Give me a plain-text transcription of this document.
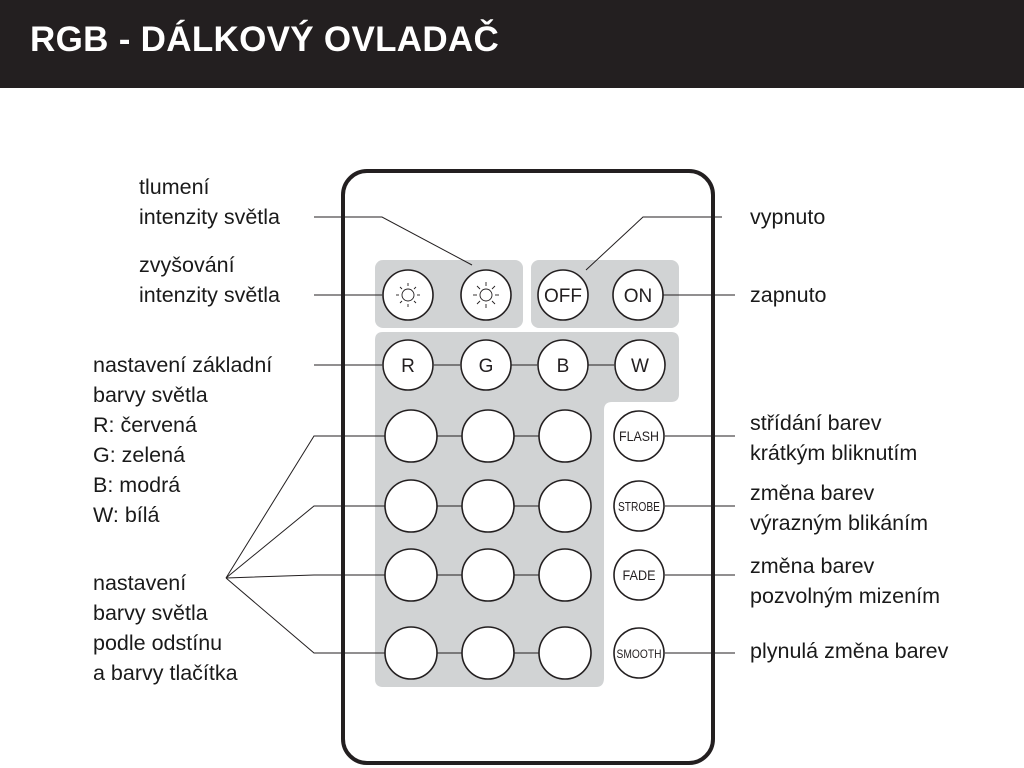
RGB - DÁLKOVÝ OVLADAČ
OFF ON
R	G	B	W
FLASH
STROBE
FADE
SMOOTH
tlumení
intenzity světla
zvyšování
intenzity světla
nastavení základní
barvy světla
R: červená
G: zelená
B: modrá
W: bílá
nastavení
barvy světla
podle odstínu
a barvy tlačítka
vypnuto
zapnuto
střídání barev
krátkým bliknutím
změna barev
výrazným blikáním
změna barev
pozvolným mizením
plynulá změna barev
